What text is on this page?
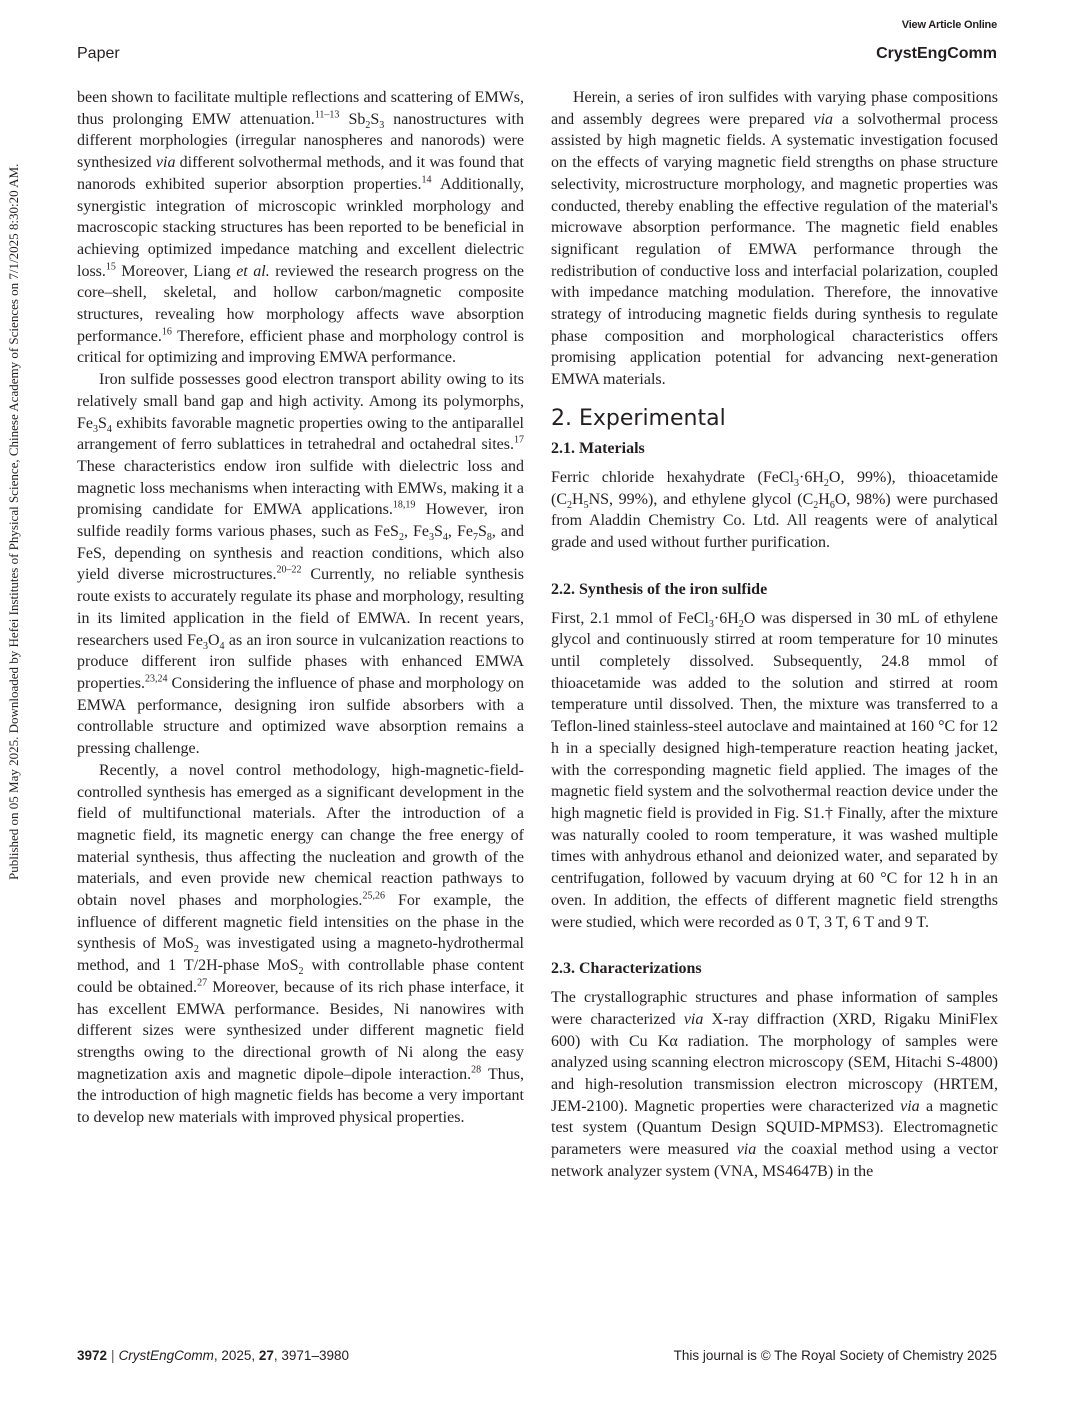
View Article Online
Paper	CrystEngComm
Published on 05 May 2025. Downloaded by Hefei Institutes of Physical Science, Chinese Academy of Sciences on 7/1/2025 8:30:20 AM.

been shown to facilitate multiple reflections and scattering of EMWs, thus prolonging EMW attenuation.$^{11-13}$ $Sb_2S_3$ nanostructures with different morphologies (irregular nanospheres and nanorods) were synthesized via different solvothermal methods, and it was found that nanorods exhibited superior absorption properties.$^{14}$ Additionally, synergistic integration of microscopic wrinkled morphology and macroscopic stacking structures has been reported to be beneficial in achieving optimized impedance matching and excellent dielectric loss.$^{15}$ Moreover, Liang et al. reviewed the research progress on the core–shell, skeletal, and hollow carbon/magnetic composite structures, revealing how morphology affects wave absorption performance.$^{16}$ Therefore, efficient phase and morphology control is critical for optimizing and improving EMWA performance.

Iron sulfide possesses good electron transport ability owing to its relatively small band gap and high activity. Among its polymorphs, $Fe_3S_4$ exhibits favorable magnetic properties owing to the antiparallel arrangement of ferro sublattices in tetrahedral and octahedral sites.$^{17}$ These characteristics endow iron sulfide with dielectric loss and magnetic loss mechanisms when interacting with EMWs, making it a promising candidate for EMWA applications.$^{18,19}$ However, iron sulfide readily forms various phases, such as FeS$_2$, $Fe_3S_4$, $Fe_7S_8$, and FeS, depending on synthesis and reaction conditions, which also yield diverse microstructures.$^{20-22}$ Currently, no reliable synthesis route exists to accurately regulate its phase and morphology, resulting in its limited application in the field of EMWA. In recent years, researchers used $Fe_3O_4$ as an iron source in vulcanization reactions to produce different iron sulfide phases with enhanced EMWA properties.$^{23,24}$ Considering the influence of phase and morphology on EMWA performance, designing iron sulfide absorbers with a controllable structure and optimized wave absorption remains a pressing challenge.

Recently, a novel control methodology, high-magnetic-field-controlled synthesis has emerged as a significant development in the field of multifunctional materials. After the introduction of a magnetic field, its magnetic energy can change the free energy of material synthesis, thus affecting the nucleation and growth of the materials, and even provide new chemical reaction pathways to obtain novel phases and morphologies.$^{25,26}$ For example, the influence of different magnetic field intensities on the phase in the synthesis of MoS$_2$ was investigated using a magneto-hydrothermal method, and 1 T/2H-phase MoS$_2$ with controllable phase content could be obtained.$^{27}$ Moreover, because of its rich phase interface, it has excellent EMWA performance. Besides, Ni nanowires with different sizes were synthesized under different magnetic field strengths owing to the directional growth of Ni along the easy magnetization axis and magnetic dipole–dipole interaction.$^{28}$ Thus, the introduction of high magnetic fields has become a very important to develop new materials with improved physical properties.

Herein, a series of iron sulfides with varying phase compositions and assembly degrees were prepared via a solvothermal process assisted by high magnetic fields. A systematic investigation focused on the effects of varying magnetic field strengths on phase structure selectivity, microstructure morphology, and magnetic properties was conducted, thereby enabling the effective regulation of the material's microwave absorption performance. The magnetic field enables significant regulation of EMWA performance through the redistribution of conductive loss and interfacial polarization, coupled with impedance matching modulation. Therefore, the innovative strategy of introducing magnetic fields during synthesis to regulate phase composition and morphological characteristics offers promising application potential for advancing next-generation EMWA materials.

2. Experimental
2.1. Materials

Ferric chloride hexahydrate ($FeCl_3\cdot 6H_2O$, 99%), thioacetamide ($C_2H_5NS$, 99%), and ethylene glycol ($C_2H_6O$, 98%) were purchased from Aladdin Chemistry Co. Ltd. All reagents were of analytical grade and used without further purification.

2.2. Synthesis of the iron sulfide

First, 2.1 mmol of $FeCl_3\cdot 6H_2O$ was dispersed in 30 mL of ethylene glycol and continuously stirred at room temperature for 10 minutes until completely dissolved. Subsequently, 24.8 mmol of thioacetamide was added to the solution and stirred at room temperature until dissolved. Then, the mixture was transferred to a Teflon-lined stainless-steel autoclave and maintained at 160 °C for 12 h in a specially designed high-temperature reaction heating jacket, with the corresponding magnetic field applied. The images of the magnetic field system and the solvothermal reaction device under the high magnetic field is provided in Fig. S1.† Finally, after the mixture was naturally cooled to room temperature, it was washed multiple times with anhydrous ethanol and deionized water, and separated by centrifugation, followed by vacuum drying at 60 °C for 12 h in an oven. In addition, the effects of different magnetic field strengths were studied, which were recorded as 0 T, 3 T, 6 T and 9 T.

2.3. Characterizations

The crystallographic structures and phase information of samples were characterized via X-ray diffraction (XRD, Rigaku MiniFlex 600) with Cu Kα radiation. The morphology of samples were analyzed using scanning electron microscopy (SEM, Hitachi S-4800) and high-resolution transmission electron microscopy (HRTEM, JEM-2100). Magnetic properties were characterized via a magnetic test system (Quantum Design SQUID-MPMS3). Electromagnetic parameters were measured via the coaxial method using a vector network analyzer system (VNA, MS4647B) in the

3972 | CrystEngComm, 2025, 27, 3971–3980	This journal is © The Royal Society of Chemistry 2025
